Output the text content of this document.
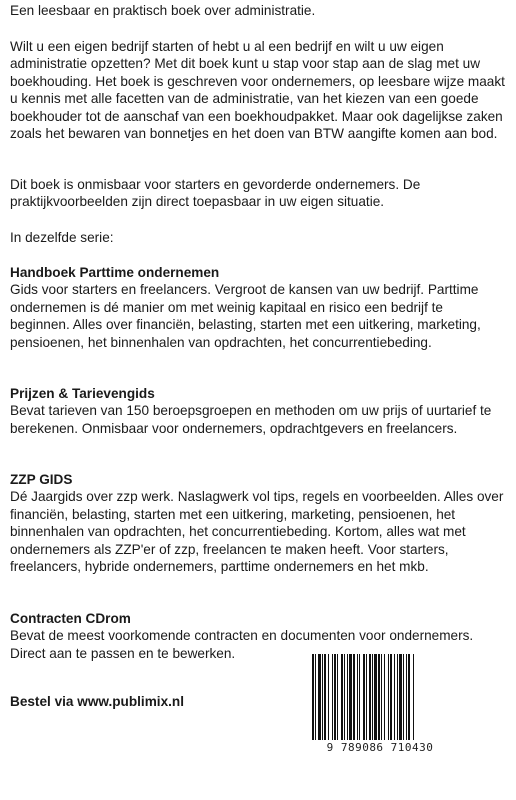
Een leesbaar en praktisch boek over administratie.

Wilt u een eigen bedrijf starten of hebt u al een bedrijf en wilt u uw eigen administratie opzetten? Met dit boek kunt u stap voor stap aan de slag met uw boekhouding. Het boek is geschreven voor ondernemers, op leesbare wijze maakt u kennis met alle facetten van de administratie, van het kiezen van een goede boekhouder tot de aanschaf van een boekhoudpakket. Maar ook dagelijkse zaken zoals het bewaren van bonnetjes en het doen van BTW aangifte komen aan bod.

Dit boek is onmisbaar voor starters en gevorderde ondernemers. De praktijkvoorbeelden zijn direct toepasbaar in uw eigen situatie.

In dezelfde serie:

Handboek Parttime ondernemen

Gids voor starters en freelancers. Vergroot de kansen van uw bedrijf. Parttime ondernemen is dé manier om met weinig kapitaal en risico een bedrijf te beginnen. Alles over financiën, belasting, starten met een uitkering, marketing, pensioenen, het binnenhalen van opdrachten, het concurrentiebeding.

Prijzen & Tarievengids

Bevat tarieven van 150 beroepsgroepen en methoden om uw prijs of uurtarief te berekenen. Onmisbaar voor ondernemers, opdrachtgevers en freelancers.

ZZP GIDS

Dé Jaargids over zzp werk. Naslagwerk vol tips, regels en voorbeelden. Alles over financiën, belasting, starten met een uitkering, marketing, pensioenen, het binnenhalen van opdrachten, het concurrentiebeding. Kortom, alles wat met ondernemers als ZZP'er of zzp, freelancen te maken heeft. Voor starters, freelancers, hybride ondernemers, parttime ondernemers en het mkb.

Contracten CDrom

Bevat de meest voorkomende contracten en documenten voor ondernemers. Direct aan te passen en te bewerken.

Bestel via www.publimix.nl

9 789086 710430
